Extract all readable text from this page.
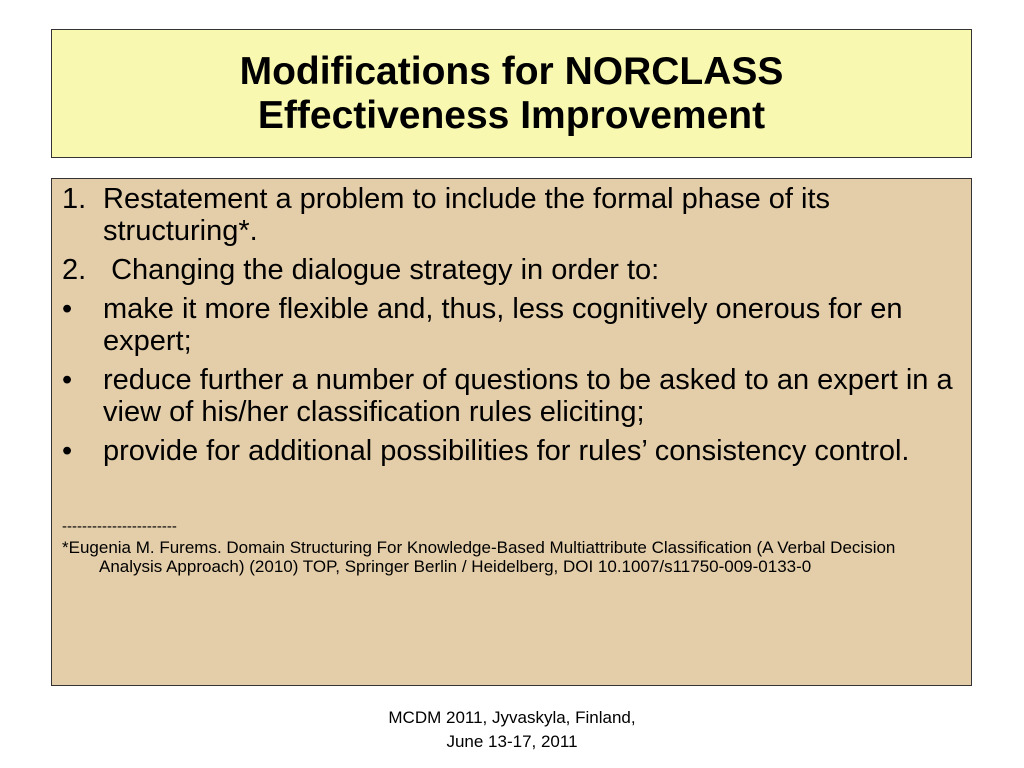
Modifications for NORCLASS
Effectiveness Improvement
1. Restatement a problem to include the formal phase of its structuring*.
2. Changing the dialogue strategy in order to:
•	make it more flexible and, thus, less cognitively onerous for en expert;
•	reduce further a number of questions to be asked to an expert in a view of his/her classification rules eliciting;
•	provide for additional possibilities for rules’ consistency control.
-----------------------
*Eugenia M. Furems. Domain Structuring For Knowledge-Based Multiattribute Classification (A Verbal Decision Analysis Approach) (2010) TOP, Springer Berlin / Heidelberg, DOI 10.1007/s11750-009-0133-0
MCDM 2011, Jyvaskyla, Finland,
June 13-17, 2011
